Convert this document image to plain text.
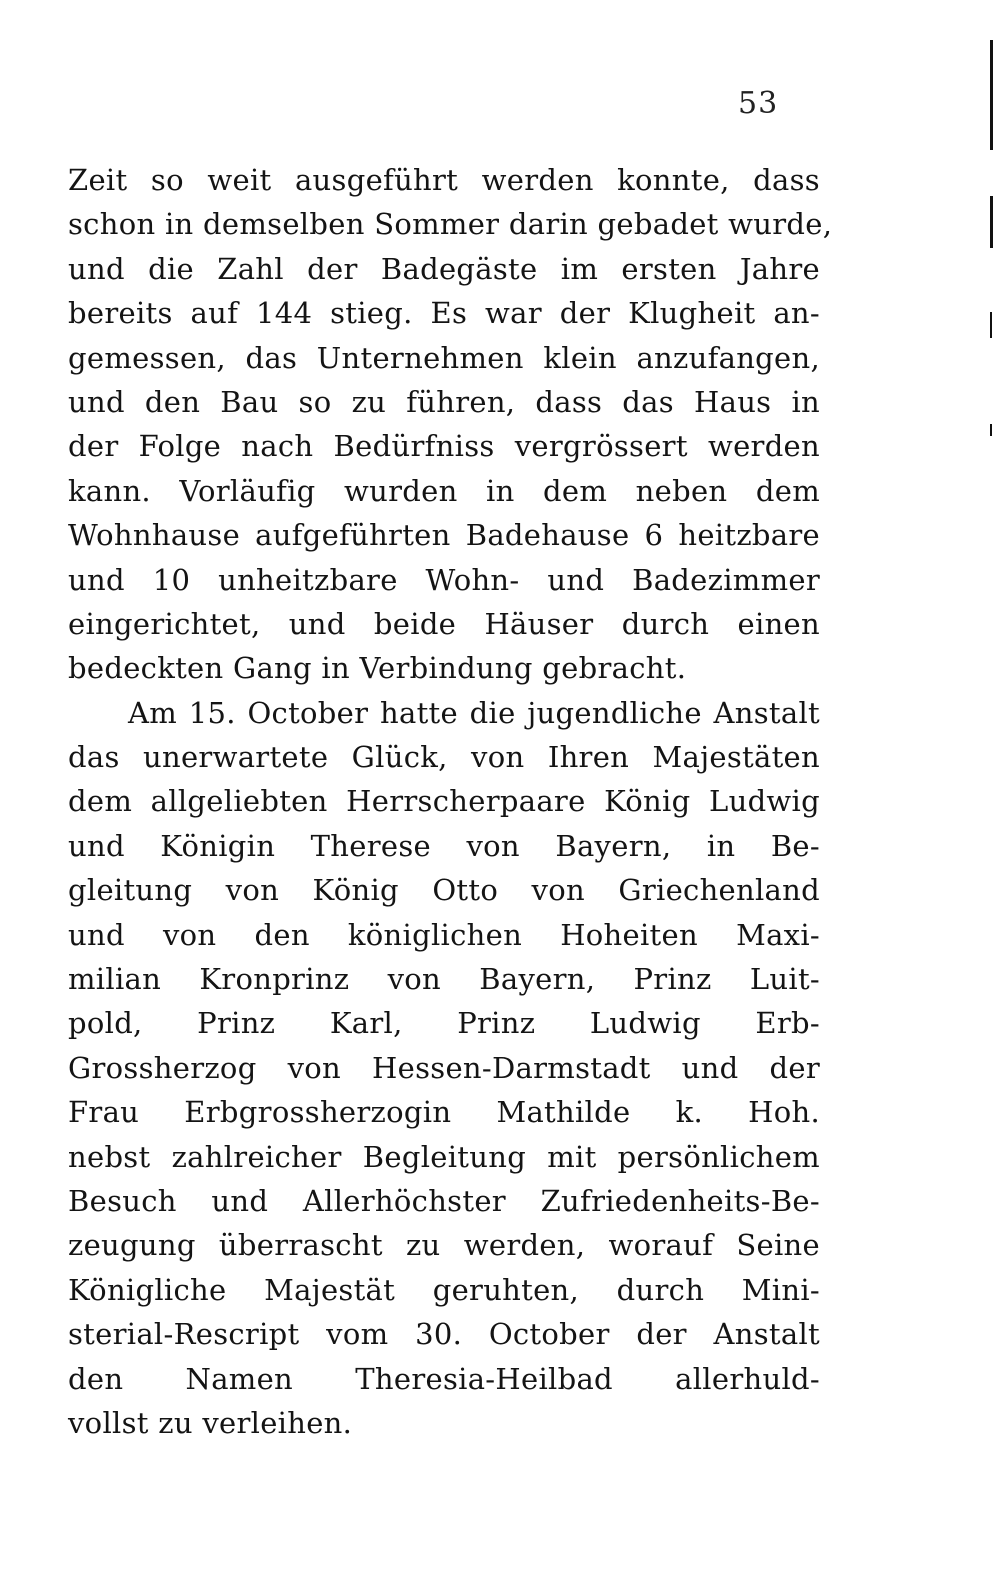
53
Zeit so weit ausgeführt werden konnte, dass
schon in demselben Sommer darin gebadet wurde,
und die Zahl der Badegäste im ersten Jahre
bereits auf 144 stieg. Es war der Klugheit an-
gemessen, das Unternehmen klein anzufangen,
und den Bau so zu führen, dass das Haus in
der Folge nach Bedürfniss vergrössert werden
kann. Vorläufig wurden in dem neben dem
Wohnhause aufgeführten Badehause 6 heitzbare
und 10 unheitzbare Wohn- und Badezimmer
eingerichtet, und beide Häuser durch einen
bedeckten Gang in Verbindung gebracht.
Am 15. October hatte die jugendliche Anstalt
das unerwartete Glück, von Ihren Majestäten
dem allgeliebten Herrscherpaare König Ludwig
und Königin Therese von Bayern, in Be-
gleitung von König Otto von Griechenland
und von den königlichen Hoheiten Maxi-
milian Kronprinz von Bayern, Prinz Luit-
pold, Prinz Karl, Prinz Ludwig Erb-
Grossherzog von Hessen-Darmstadt und der
Frau Erbgrossherzogin Mathilde k. Hoh.
nebst zahlreicher Begleitung mit persönlichem
Besuch und Allerhöchster Zufriedenheits-Be-
zeugung überrascht zu werden, worauf Seine
Königliche Majestät geruhten, durch Mini-
sterial-Rescript vom 30. October der Anstalt
den Namen Theresia-Heilbad allerhuld-
vollst zu verleihen.
